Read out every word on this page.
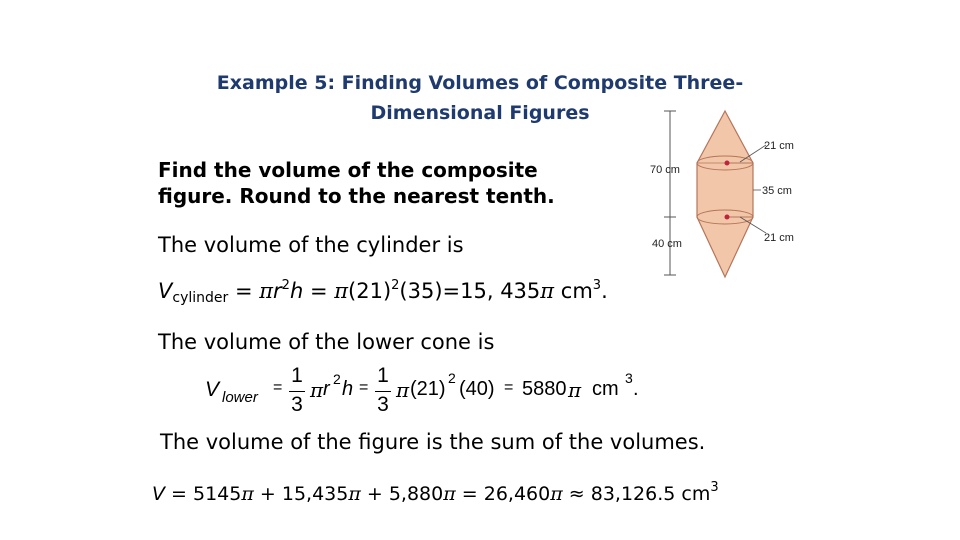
Example 5: Finding Volumes of Composite Three-
Dimensional Figures
Find the volume of the composite
figure. Round to the nearest tenth.
The volume of the cylinder is
$V_{cylinder} = \pi r^2h = \pi(21)^2(35)=15$, 435π $cm^3$.
The volume of the lower cone is
V lower
=
1
3
π r 2 h =
1
3
π (21) 2 (40) = 5880 π cm 3 .
The volume of the figure is the sum of the volumes.
V = 5145π + 15,435π + 5,880π = 26,460π ≈ 83,126.5 $cm^3$
70 cm
40 cm
21 cm
35 cm
21 cm
